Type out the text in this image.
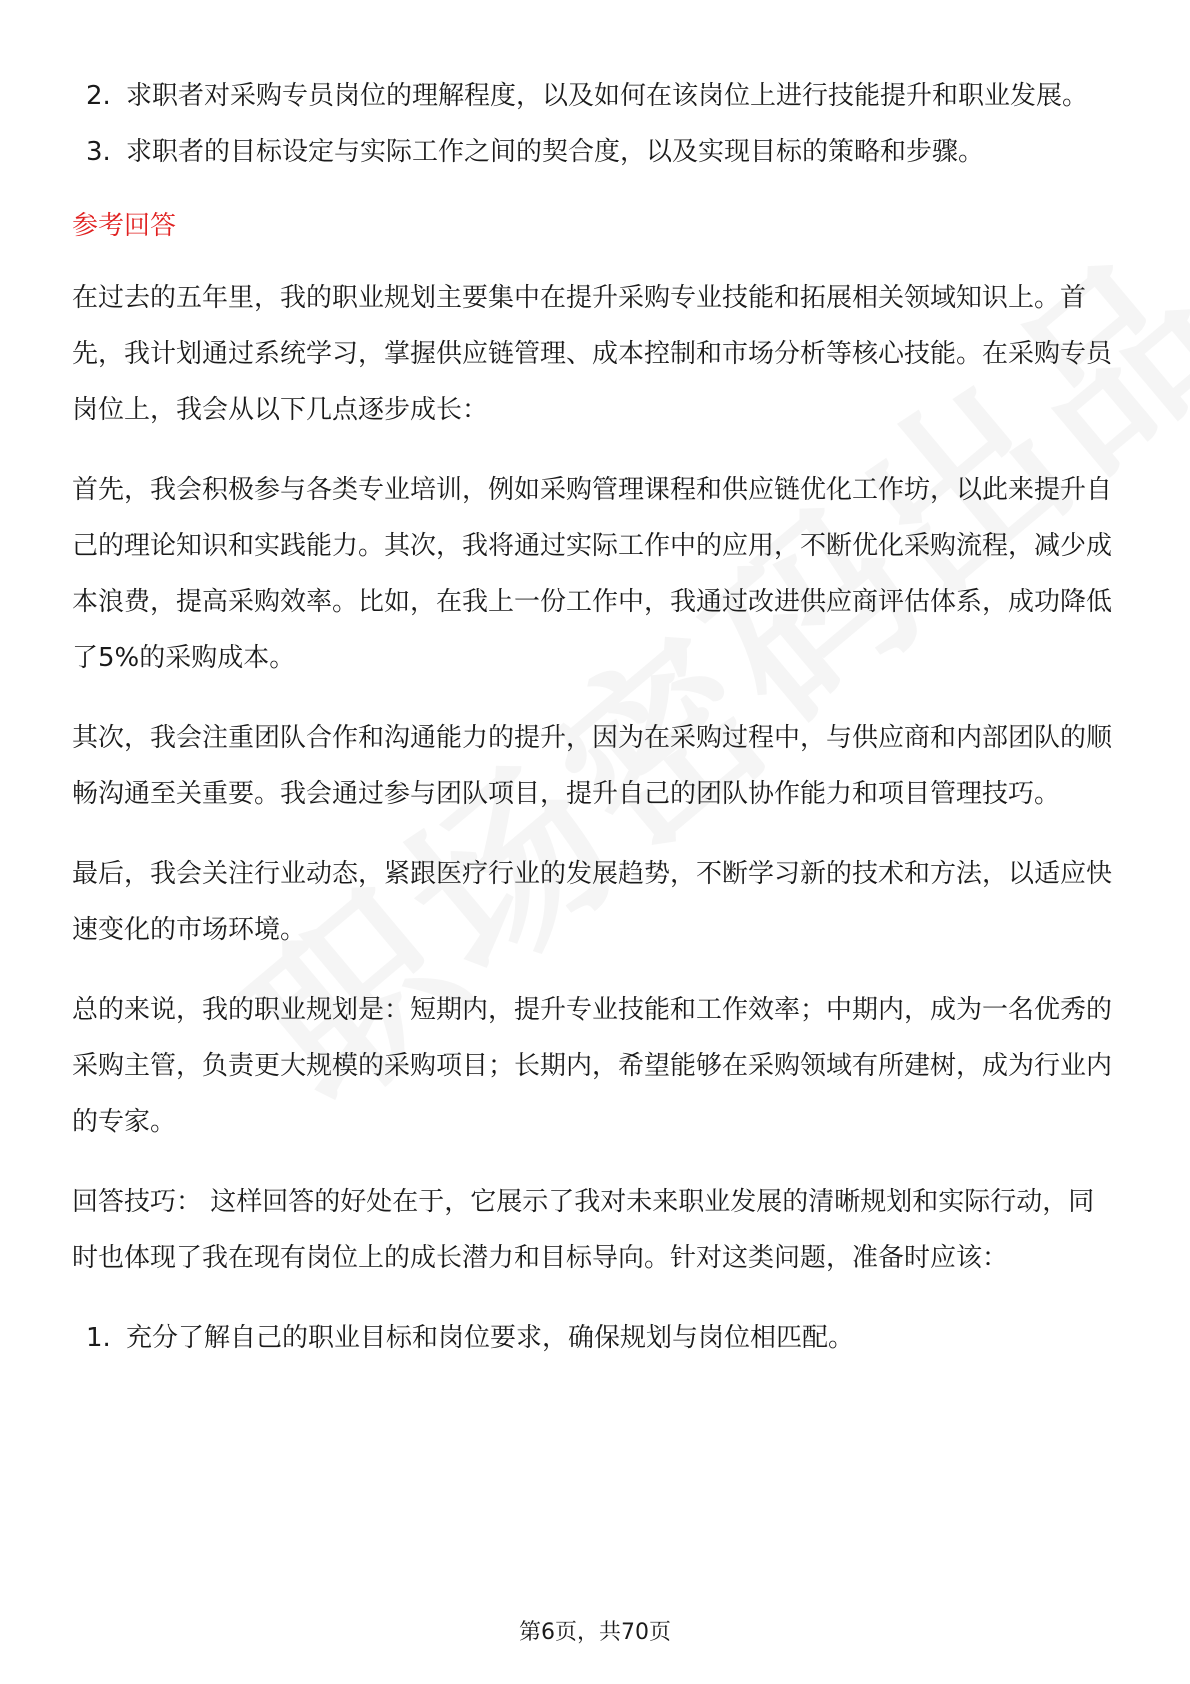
2. 求职者对采购专员岗位的理解程度，以及如何在该岗位上进行技能提升和职业发展。
3. 求职者的目标设定与实际工作之间的契合度，以及实现目标的策略和步骤。
参考回答

在过去的五年里，我的职业规划主要集中在提升采购专业技能和拓展相关领域知识上。首先，我计划通过系统学习，掌握供应链管理、成本控制和市场分析等核心技能。在采购专员岗位上，我会从以下几点逐步成长：

首先，我会积极参与各类专业培训，例如采购管理课程和供应链优化工作坊，以此来提升自己的理论知识和实践能力。其次，我将通过实际工作中的应用，不断优化采购流程，减少成本浪费，提高采购效率。比如，在我上一份工作中，我通过改进供应商评估体系，成功降低了5%的采购成本。

其次，我会注重团队合作和沟通能力的提升，因为在采购过程中，与供应商和内部团队的顺畅沟通至关重要。我会通过参与团队项目，提升自己的团队协作能力和项目管理技巧。

最后，我会关注行业动态，紧跟医疗行业的发展趋势，不断学习新的技术和方法，以适应快速变化的市场环境。

总的来说，我的职业规划是：短期内，提升专业技能和工作效率；中期内，成为一名优秀的采购主管，负责更大规模的采购项目；长期内，希望能够在采购领域有所建树，成为行业内的专家。

回答技巧： 这样回答的好处在于，它展示了我对未来职业发展的清晰规划和实际行动，同时也体现了我在现有岗位上的成长潜力和目标导向。针对这类问题，准备时应该：

1. 充分了解自己的职业目标和岗位要求，确保规划与岗位相匹配。
第6页，共70页
